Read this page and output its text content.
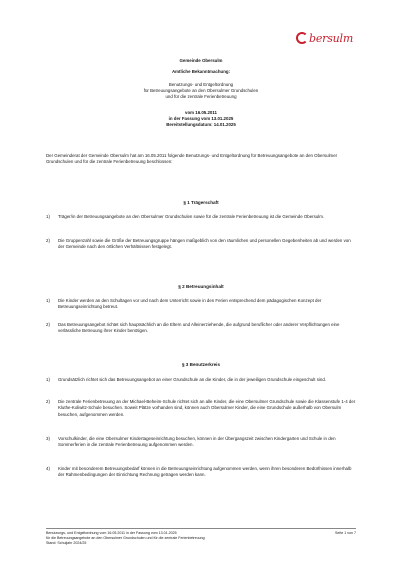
bersulm
Gemeinde Obersulm
Amtliche Bekanntmachung:
Benutzungs- und Entgeltordnung
für Betreuungsangebote an den Obersulmer Grundschulen
und für die zentrale Ferienbetreuung
vom 16.05.2011
in der Fassung vom 13.01.2025
Bereitstellungsdatum: 14.01.2025
Der Gemeinderat der Gemeinde Obersulm hat am 16.05.2011 folgende Benutzungs- und Entgeltordnung für Betreuungsangebote an den Obersulmer Grundschulen und für die zentrale Ferienbetreuung beschlossen:
§ 1 Trägerschaft
1)	Träger/in der Betreuungsangebote an den Obersulmer Grundschulen sowie für die zentrale Ferienbetreuung ist die Gemeinde Obersulm.
2)	Die Gruppenzahl sowie die Größe der Betreuungsgruppe hängen maßgeblich von den räumlichen und personellen Gegebenheiten ab und werden von der Gemeinde nach den örtlichen Verhältnissen festgelegt.
§ 2 Betreuungsinhalt
1)	Die Kinder werden an den Schultagen vor und nach dem Unterricht sowie in den Ferien entsprechend dem pädagogischen Konzept der Betreuungseinrichtung betreut.
2)	Das Betreuungsangebot richtet sich hauptsächlich an die Eltern und Alleinerziehende, die aufgrund beruflicher oder anderer Verpflichtungen eine verlässliche Betreuung ihrer Kinder benötigen.
§ 3 Benutzerkreis
1)	Grundsätzlich richtet sich das Betreuungsangebot an einer Grundschule an die Kinder, die in der jeweiligen Grundschule eingeschult sind.
2)	Die zentrale Ferienbetreuung an der Michael-Beheim-Schule richtet sich an alle Kinder, die eine Obersulmer Grundschule sowie die Klassenstufe 1-4 der Kluthe-Koliwitz-Schule besuchen. Soweit Plätze vorhanden sind, können auch Obersulmer Kinder, die eine Grundschule außerhalb von Obersulm besuchen, aufgenommen werden.
3)	Vorschulkinder, die eine Obersulmer Kindertageseinrichtung besuchen, können in der Übergangszeit zwischen Kindergarten und Schule in den Sommerferien in die zentrale Ferienbetreuung aufgenommen werden.
4)	Kinder mit besonderem Betreuungsbedarf können in die Betreuungseinrichtung aufgenommen werden, wenn ihren besonderen Bedürfnissen innerhalb der Rahmenbedingungen der Einrichtung Rechnung getragen werden kann.
Benutzungs- und Entgeltordnung vom 16.05.2011 in der Fassung vom 13.01.2025
für die Betreuungsangebote an den Obersulmer Grundschulen und für die zentrale Ferienbetreuung
Stand: Schuljahr 2024/25
Seite 1 von 7
